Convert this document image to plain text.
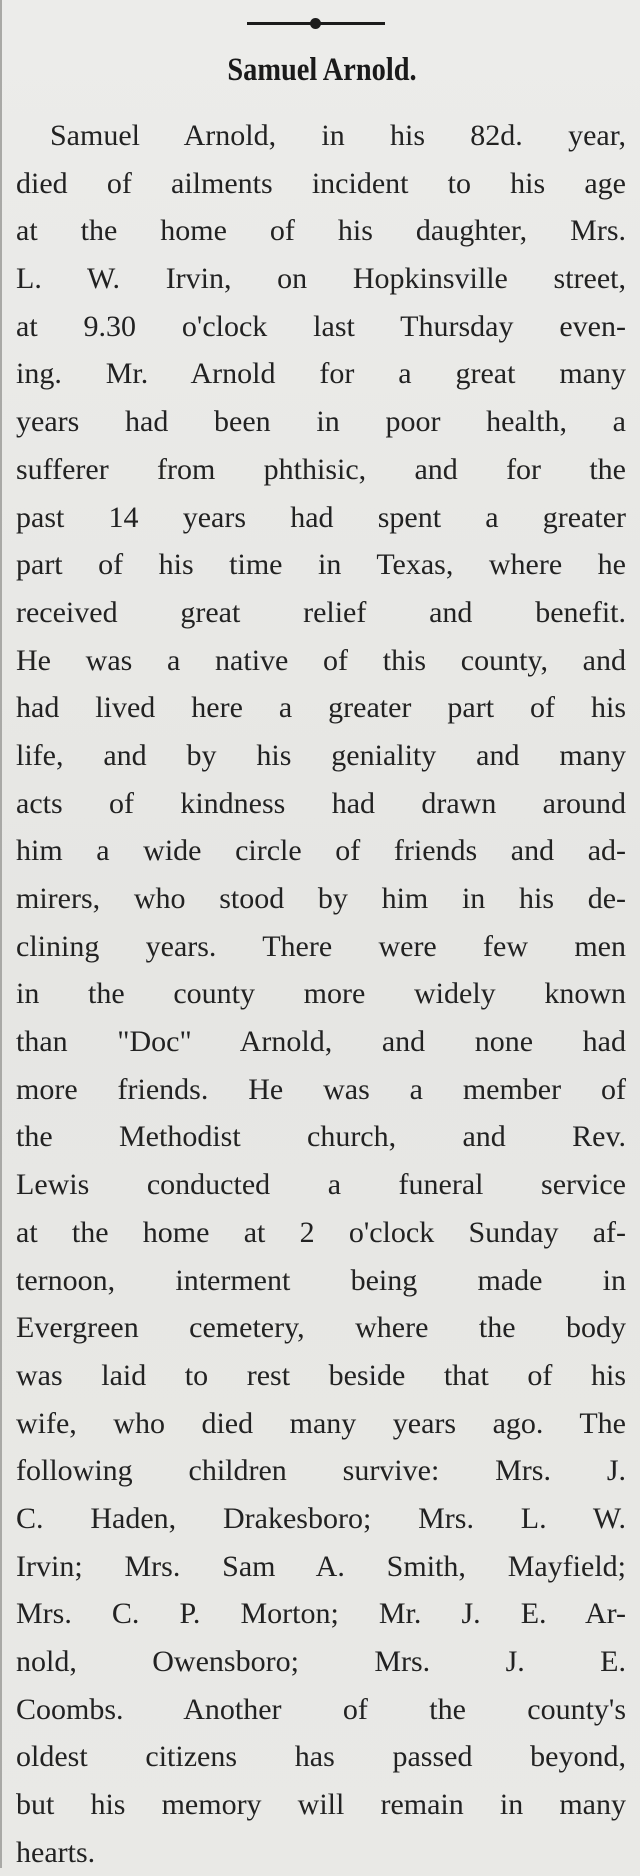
Samuel Arnold.
Samuel Arnold, in his 82d. year,
died of ailments incident to his age
at the home of his daughter, Mrs.
L. W. Irvin, on Hopkinsville street,
at 9.30 o'clock last Thursday even-
ing. Mr. Arnold for a great many
years had been in poor health, a
sufferer from phthisic, and for the
past 14 years had spent a greater
part of his time in Texas, where he
received great relief and benefit.
He was a native of this county, and
had lived here a greater part of his
life, and by his geniality and many
acts of kindness had drawn around
him a wide circle of friends and ad-
mirers, who stood by him in his de-
clining years. There were few men
in the county more widely known
than "Doc" Arnold, and none had
more friends. He was a member of
the Methodist church, and Rev.
Lewis conducted a funeral service
at the home at 2 o'clock Sunday af-
ternoon, interment being made in
Evergreen cemetery, where the body
was laid to rest beside that of his
wife, who died many years ago. The
following children survive: Mrs. J.
C. Haden, Drakesboro; Mrs. L. W.
Irvin; Mrs. Sam A. Smith, Mayfield;
Mrs. C. P. Morton; Mr. J. E. Ar-
nold, Owensboro; Mrs. J. E.
Coombs. Another of the county's
oldest citizens has passed beyond,
but his memory will remain in many
hearts.
